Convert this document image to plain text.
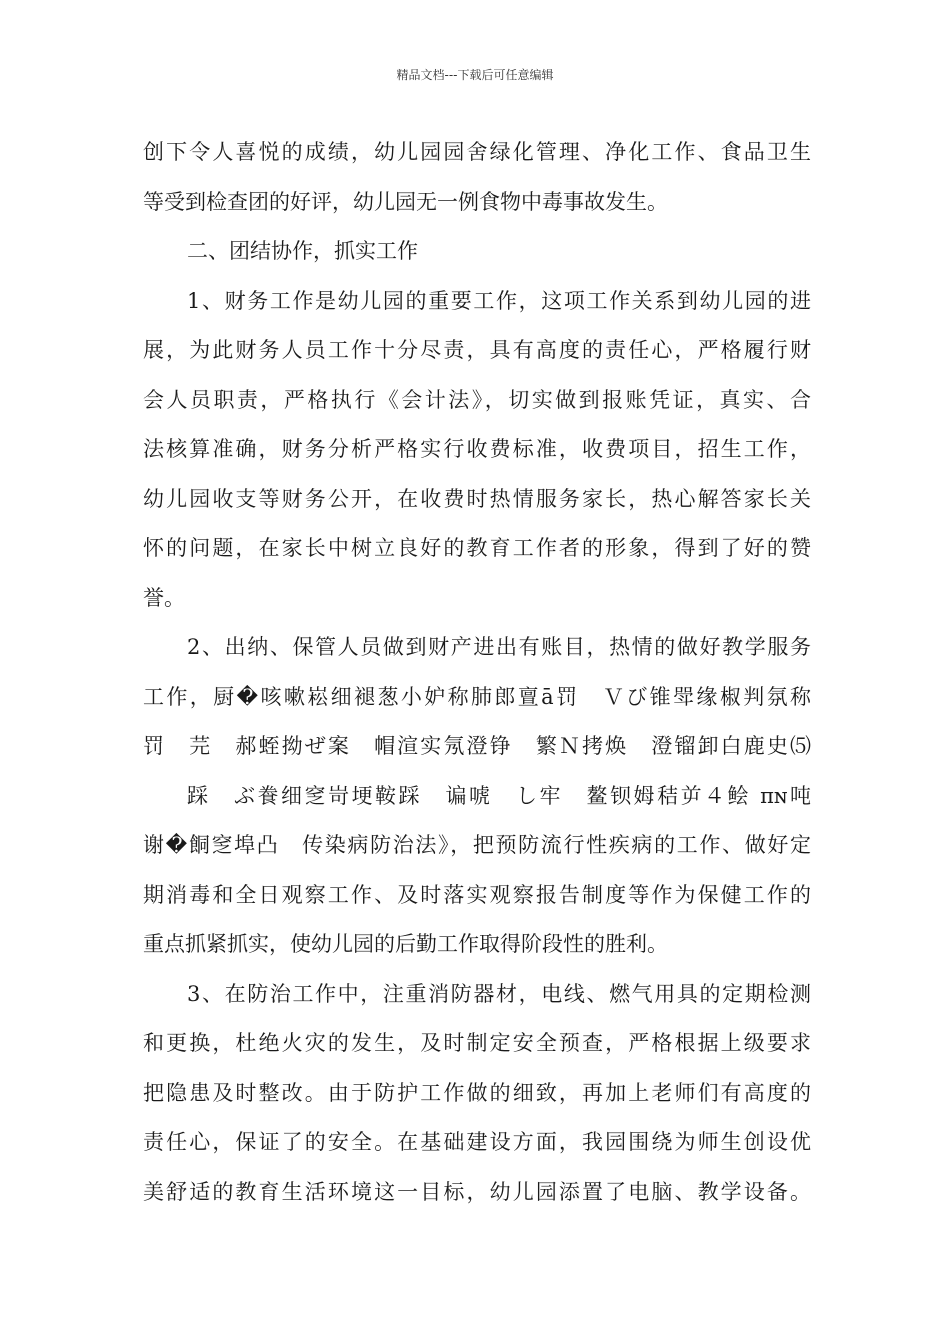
精品文档---下载后可任意编辑
创下令人喜悦的成绩，幼儿园园舍绿化管理、净化工作、食品卫生
等受到检查团的好评，幼儿园无一例食物中毒事故发生。
二、团结协作，抓实工作
1、财务工作是幼儿园的重要工作，这项工作关系到幼儿园的进
展，为此财务人员工作十分尽责，具有高度的责任心，严格履行财
会人员职责，严格执行《会计法》，切实做到报账凭证，真实、合
法核算准确，财务分析严格实行收费标准，收费项目，招生工作，
幼儿园收支等财务公开，在收费时热情服务家长，热心解答家长关
怀的问题，在家长中树立良好的教育工作者的形象，得到了好的赞
誉。
2、出纳、保管人员做到财产进出有账目，热情的做好教学服务
工作，厨�咳嗽崧细褪葱小妒称肺郎亶ā罚　Ｖび锥斝缘椒判氛称
罚　芫　郝蛭拗ぜ案　帽渲实氖澄铮　繁Ｎ拷焕　澄镏卸白鹿史⑸
踩　ぶ飬细窆岢埂鞍踩　谝唬　し牢　鳌钡姆秸屰４鲙 πɴ吨
谢�餇窆埠凸　传染病防治法》，把预防流行性疾病的工作、做好定
期消毒和全日观察工作、及时落实观察报告制度等作为保健工作的
重点抓紧抓实，使幼儿园的后勤工作取得阶段性的胜利。
3、在防治工作中，注重消防器材，电线、燃气用具的定期检测
和更换，杜绝火灾的发生，及时制定安全预查，严格根据上级要求
把隐患及时整改。由于防护工作做的细致，再加上老师们有高度的
责任心，保证了的安全。在基础建设方面，我园围绕为师生创设优
美舒适的教育生活环境这一目标，幼儿园添置了电脑、教学设备。
